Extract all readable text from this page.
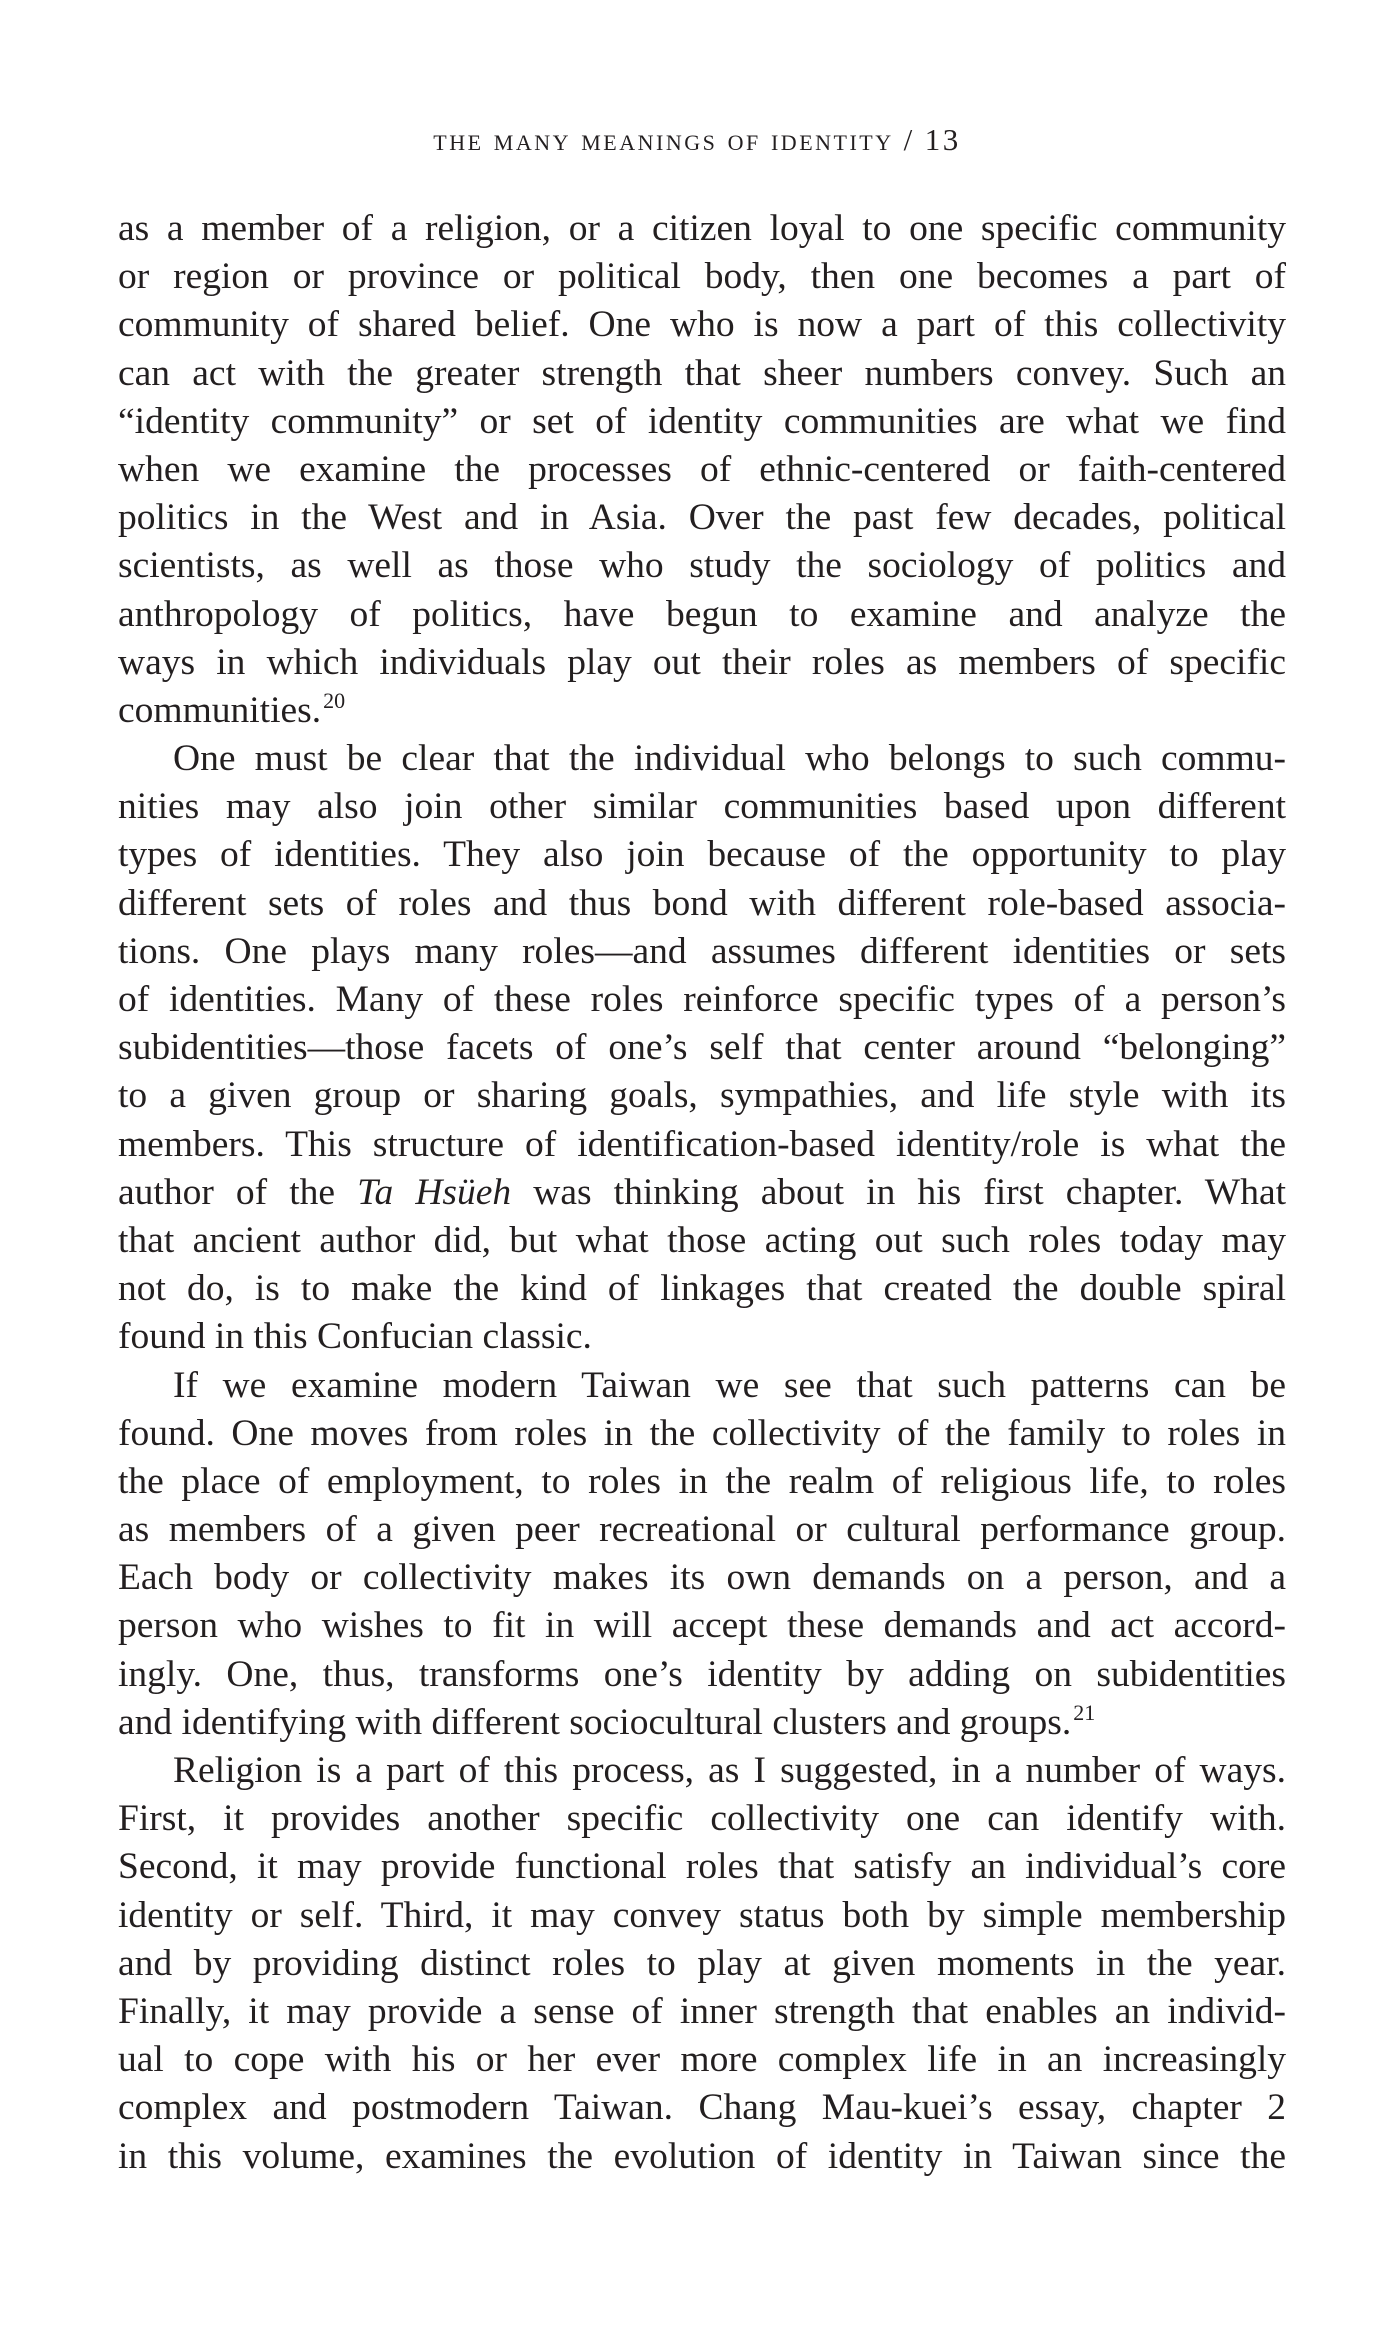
the many meanings of identity / 13
as a member of a religion, or a citizen loyal to one specific community
or region or province or political body, then one becomes a part of
community of shared belief. One who is now a part of this collectivity
can act with the greater strength that sheer numbers convey. Such an
“identity community” or set of identity communities are what we find
when we examine the processes of ethnic-centered or faith-centered
politics in the West and in Asia. Over the past few decades, political
scientists, as well as those who study the sociology of politics and
anthropology of politics, have begun to examine and analyze the
ways in which individuals play out their roles as members of specific
communities.$^{20}$
One must be clear that the individual who belongs to such commu-
nities may also join other similar communities based upon different
types of identities. They also join because of the opportunity to play
different sets of roles and thus bond with different role-based associa-
tions. One plays many roles—and assumes different identities or sets
of identities. Many of these roles reinforce specific types of a person’s
subidentities—those facets of one’s self that center around “belonging”
to a given group or sharing goals, sympathies, and life style with its
members. This structure of identification-based identity/role is what the
author of the Ta Hsüeh was thinking about in his first chapter. What
that ancient author did, but what those acting out such roles today may
not do, is to make the kind of linkages that created the double spiral
found in this Confucian classic.
If we examine modern Taiwan we see that such patterns can be
found. One moves from roles in the collectivity of the family to roles in
the place of employment, to roles in the realm of religious life, to roles
as members of a given peer recreational or cultural performance group.
Each body or collectivity makes its own demands on a person, and a
person who wishes to fit in will accept these demands and act accord-
ingly. One, thus, transforms one’s identity by adding on subidentities
and identifying with different sociocultural clusters and groups.$^{21}$
Religion is a part of this process, as I suggested, in a number of ways.
First, it provides another specific collectivity one can identify with.
Second, it may provide functional roles that satisfy an individual’s core
identity or self. Third, it may convey status both by simple membership
and by providing distinct roles to play at given moments in the year.
Finally, it may provide a sense of inner strength that enables an individ-
ual to cope with his or her ever more complex life in an increasingly
complex and postmodern Taiwan. Chang Mau-kuei’s essay, chapter 2
in this volume, examines the evolution of identity in Taiwan since the
